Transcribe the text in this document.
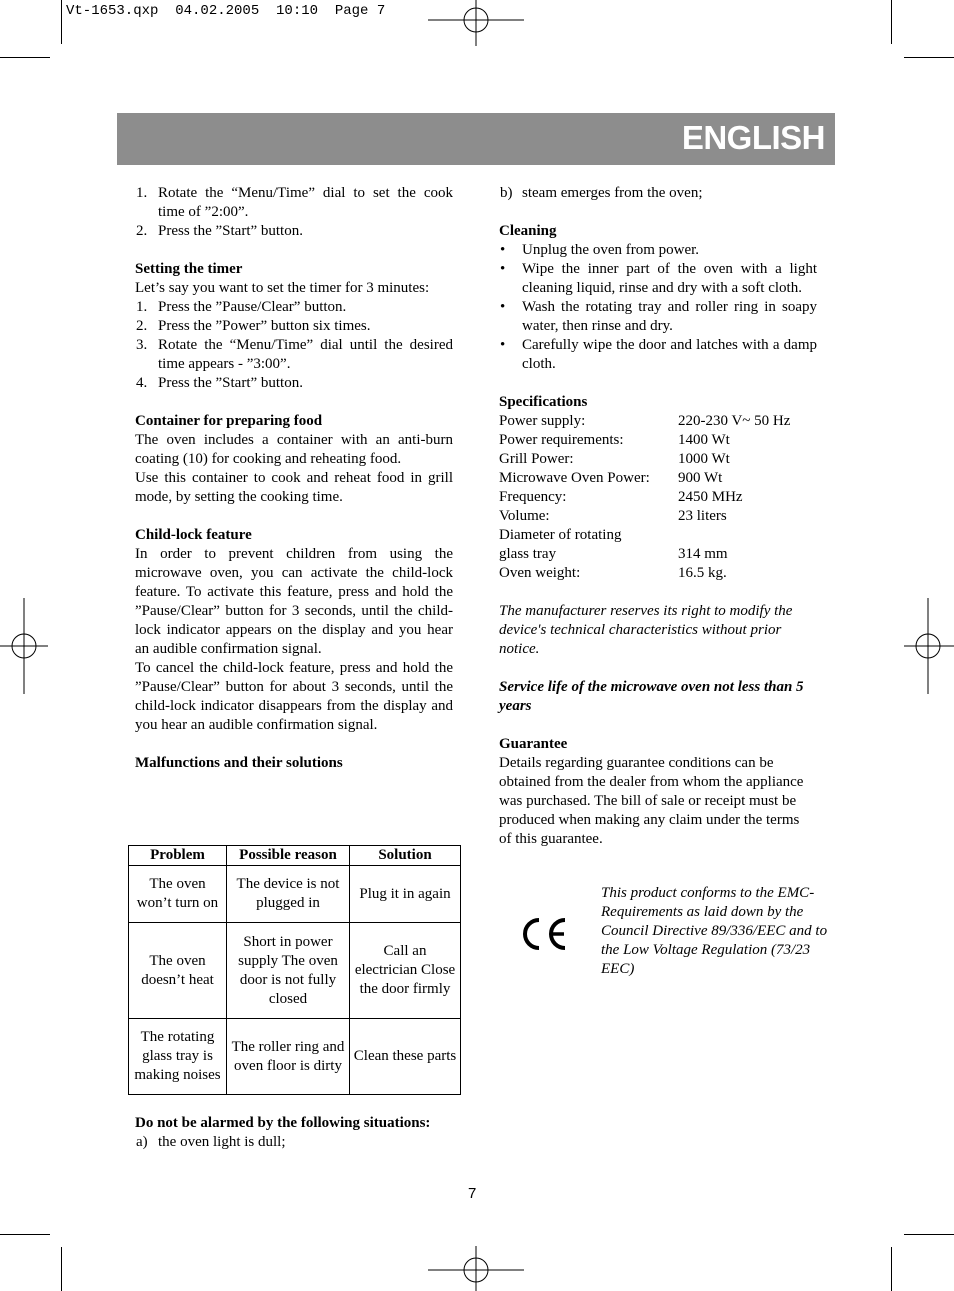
Vt-1653.qxp  04.02.2005  10:10  Page 7
ENGLISH
1. Rotate the “Menu/Time” dial to set the cook time of ”2:00”.
2. Press the ”Start” button.

Setting the timer

Let’s say you want to set the timer for 3 minutes:

1. Press the ”Pause/Clear” button.
2. Press the ”Power” button six times.
3. Rotate the “Menu/Time” dial until the desired time appears - ”3:00”.
4. Press the ”Start” button.

Container for preparing food

The oven includes a container with an anti-burn coating (10) for cooking and reheating food.

Use this container to cook and reheat food in grill mode, by setting the cooking time.

Child-lock feature

In order to prevent children from using the microwave oven, you can activate the child-lock feature. To activate this feature, press and hold the ”Pause/Clear” button for 3 seconds, until the child-lock indicator appears on the display and you hear an audible confirmation signal.

To cancel the child-lock feature, press and hold the ”Pause/Clear” button for about 3 seconds, until the child-lock indicator disappears from the display and you hear an audible confirmation signal.

Malfunctions and their solutions

Problem	Possible reason	Solution
The oven won’t turn on	The device is not plugged in	Plug it in again
The oven doesn’t heat	Short in power supply The oven door is not fully closed	Call an electrician Close the door firmly
The rotating glass tray is making noises	The roller ring and oven floor is dirty	Clean these parts

Do not be alarmed by the following situations:

a) the oven light is dull;
b) steam emerges from the oven;

Cleaning

• Unplug the oven from power.
• Wipe the inner part of the oven with a light cleaning liquid, rinse and dry with a soft cloth.
• Wash the rotating tray and roller ring in soapy water, then rinse and dry.
• Carefully wipe the door and latches with a damp cloth.

Specifications

Power supply:	220-230 V~ 50 Hz
Power requirements:	1400 Wt
Grill Power:	1000 Wt
Microwave Oven Power:	900 Wt
Frequency:	2450 MHz
Volume:	23 liters
Diameter of rotating
glass tray	314 mm
Oven weight:	16.5 kg.

The manufacturer reserves its right to modify the device's technical characteristics without prior notice.

Service life of the microwave oven not less than 5 years

Guarantee

Details regarding guarantee conditions can be obtained from the dealer from whom the appliance was purchased. The bill of sale or receipt must be produced when making any claim under the terms of this guarantee.

This product conforms to the EMC-Requirements as laid down by the Council Directive 89/336/EEC and to the Low Voltage Regulation (73/23 EEC)
7
